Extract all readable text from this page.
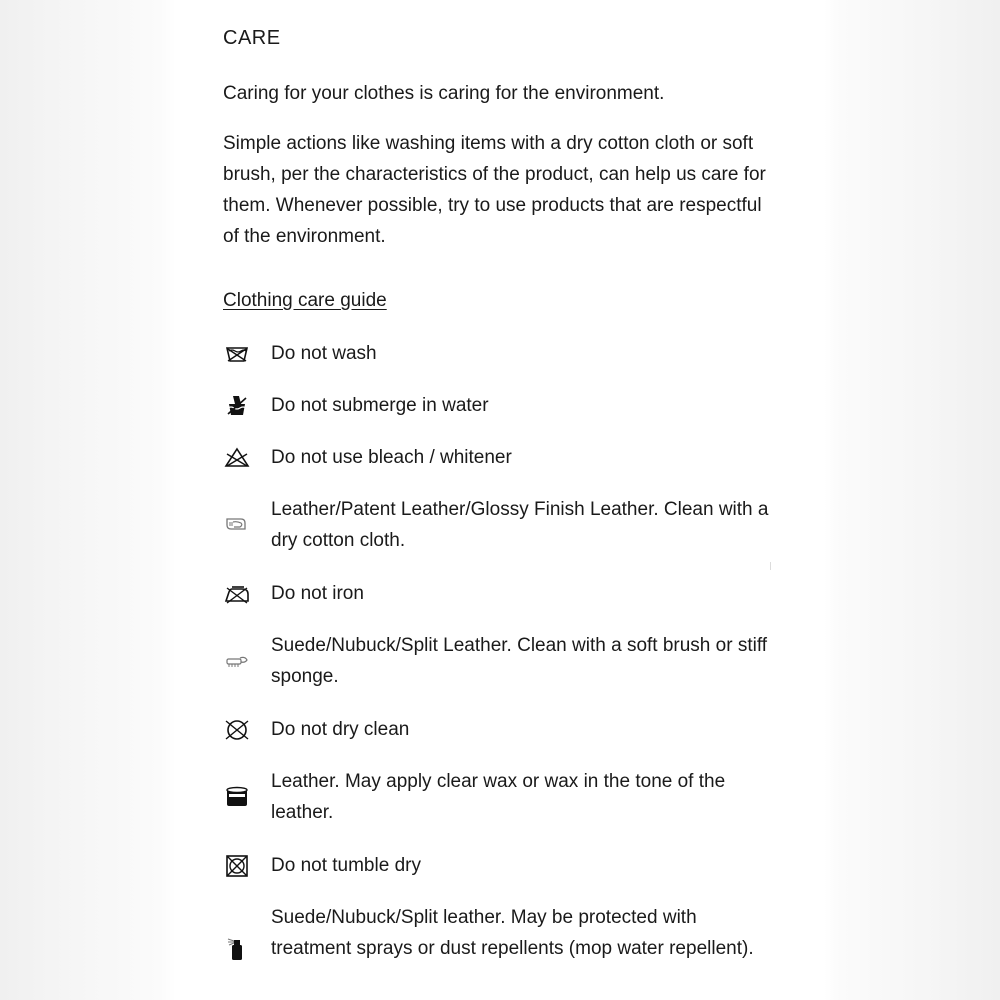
CARE

Caring for your clothes is caring for the environment.

Simple actions like washing items with a dry cotton cloth or soft brush, per the characteristics of the product, can help us care for them. Whenever possible, try to use products that are respectful of the environment.

Clothing care guide

Do not wash

Do not submerge in water

Do not use bleach / whitener

Leather/Patent Leather/Glossy Finish Leather. Clean with a dry cotton cloth.

Do not iron

Suede/Nubuck/Split Leather. Clean with a soft brush or stiff sponge.

Do not dry clean

Leather. May apply clear wax or wax in the tone of the leather.

Do not tumble dry

Suede/Nubuck/Split leather. May be protected with treatment sprays or dust repellents (mop water repellent).
